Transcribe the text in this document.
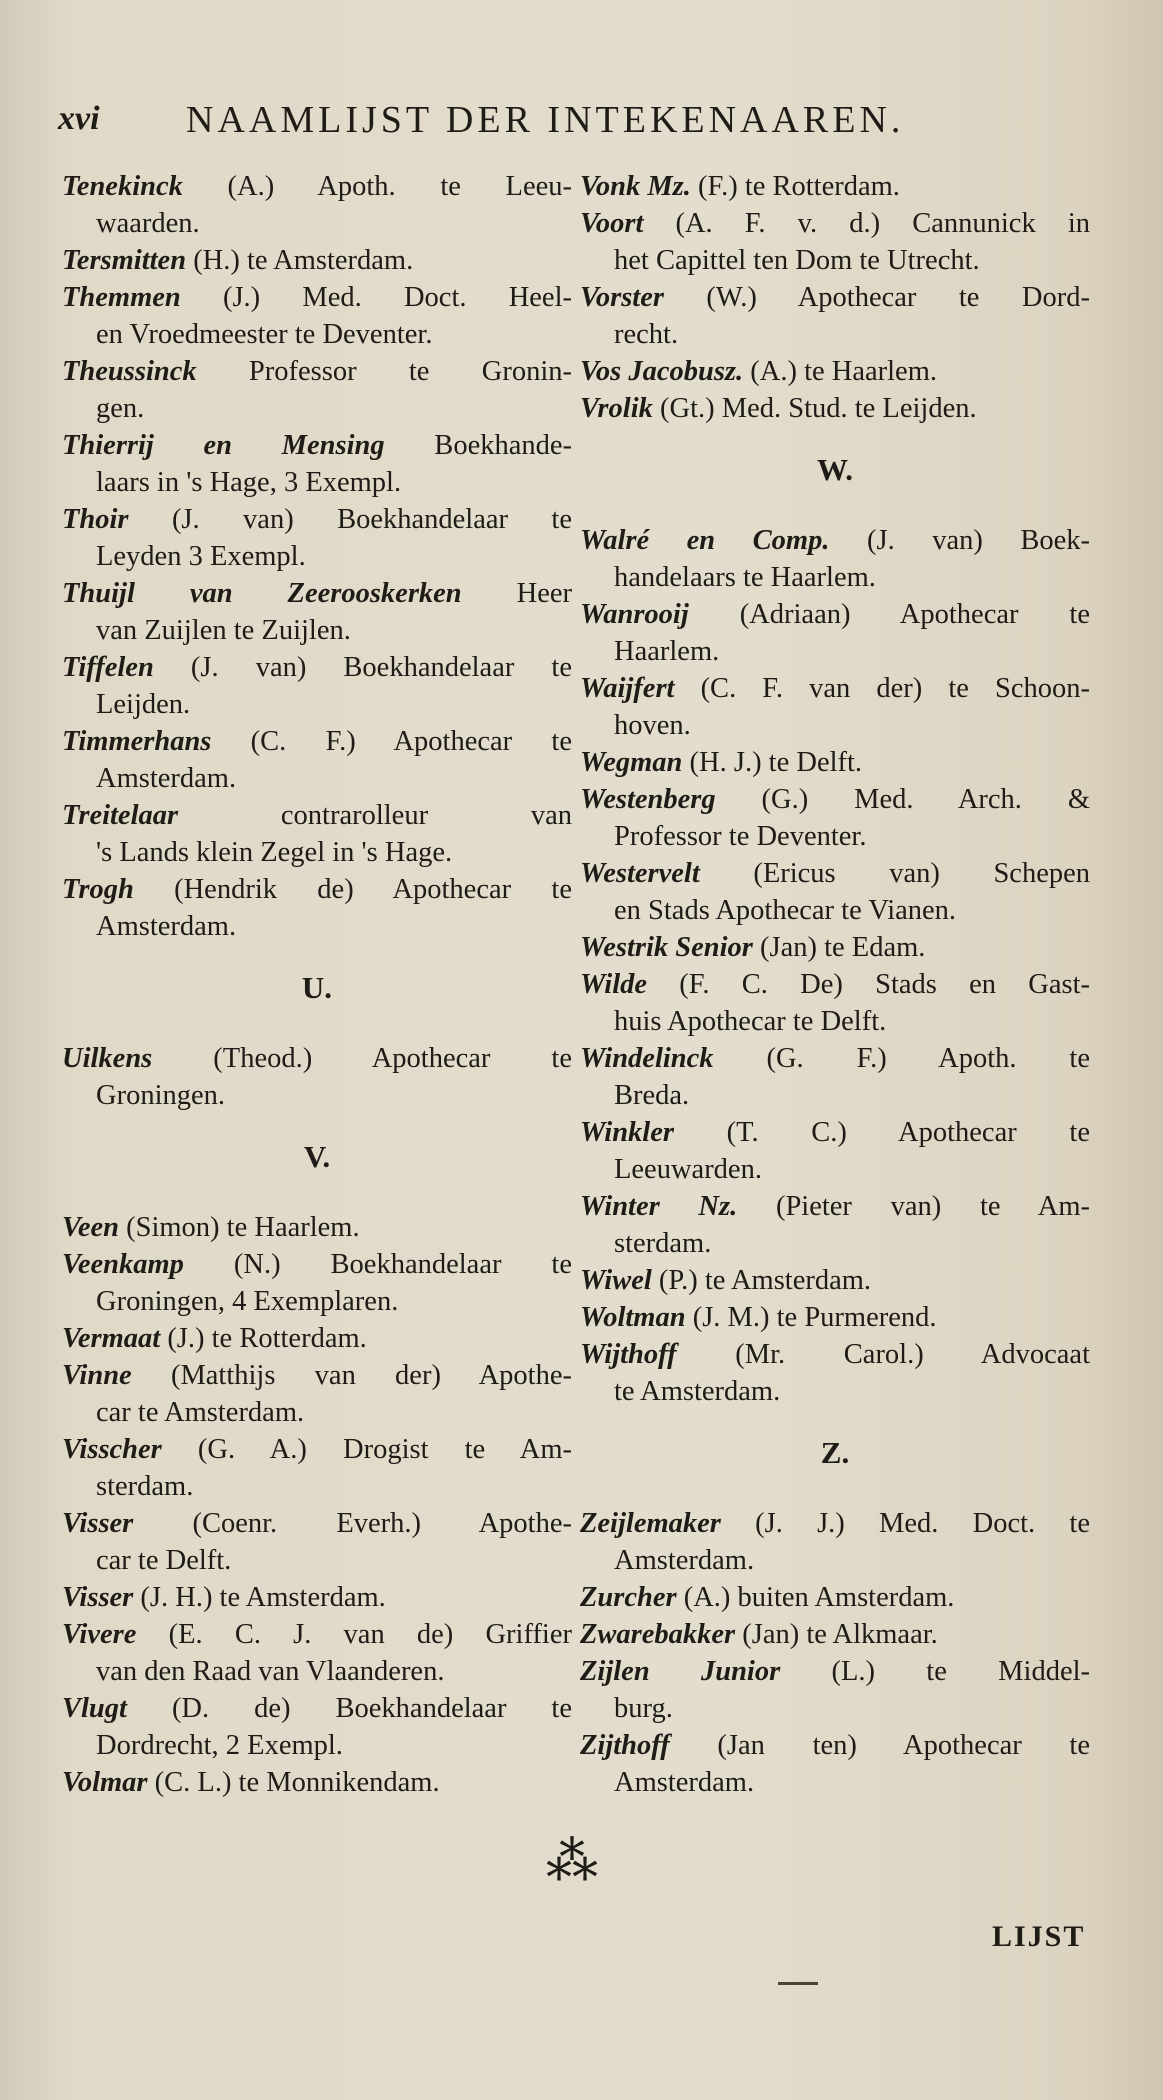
xvi NAAMLIJST DER INTEKENAAREN.
Tenekinck (A.) Apoth. te Leeu-
waarden.
Tersmitten (H.) te Amsterdam.
Themmen (J.) Med. Doct. Heel-
en Vroedmeester te Deventer.
Theussinck Professor te Gronin-
gen.
Thierrij en Mensing Boekhande-
laars in 's Hage, 3 Exempl.
Thoir (J. van) Boekhandelaar te
Leyden 3 Exempl.
Thuijl van Zeerooskerken Heer
van Zuijlen te Zuijlen.
Tiffelen (J. van) Boekhandelaar te
Leijden.
Timmerhans (C. F.) Apothecar te
Amsterdam.
Treitelaar contrarolleur van
's Lands klein Zegel in 's Hage.
Trogh (Hendrik de) Apothecar te
Amsterdam.
U.
Uilkens (Theod.) Apothecar te
Groningen.
V.
Veen (Simon) te Haarlem.
Veenkamp (N.) Boekhandelaar te
Groningen, 4 Exemplaren.
Vermaat (J.) te Rotterdam.
Vinne (Matthijs van der) Apothe-
car te Amsterdam.
Visscher (G. A.) Drogist te Am-
sterdam.
Visser (Coenr. Everh.) Apothe-
car te Delft.
Visser (J. H.) te Amsterdam.
Vivere (E. C. J. van de) Griffier
van den Raad van Vlaanderen.
Vlugt (D. de) Boekhandelaar te
Dordrecht, 2 Exempl.
Volmar (C. L.) te Monnikendam.
Vonk Mz. (F.) te Rotterdam.
Voort (A. F. v. d.) Cannunick in
het Capittel ten Dom te Utrecht.
Vorster (W.) Apothecar te Dord-
recht.
Vos Jacobusz. (A.) te Haarlem.
Vrolik (Gt.) Med. Stud. te Leijden.
W.
Walré en Comp. (J. van) Boek-
handelaars te Haarlem.
Wanrooij (Adriaan) Apothecar te
Haarlem.
Waijfert (C. F. van der) te Schoon-
hoven.
Wegman (H. J.) te Delft.
Westenberg (G.) Med. Arch. &
Professor te Deventer.
Westervelt (Ericus van) Schepen
en Stads Apothecar te Vianen.
Westrik Senior (Jan) te Edam.
Wilde (F. C. De) Stads en Gast-
huis Apothecar te Delft.
Windelinck (G. F.) Apoth. te
Breda.
Winkler (T. C.) Apothecar te
Leeuwarden.
Winter Nz. (Pieter van) te Am-
sterdam.
Wiwel (P.) te Amsterdam.
Woltman (J. M.) te Purmerend.
Wijthoff (Mr. Carol.) Advocaat
te Amsterdam.
Z.
Zeijlemaker (J. J.) Med. Doct. te
Amsterdam.
Zurcher (A.) buiten Amsterdam.
Zwarebakker (Jan) te Alkmaar.
Zijlen Junior (L.) te Middel-
burg.
Zijthoff (Jan ten) Apothecar te
Amsterdam.
⁂
LIJST
